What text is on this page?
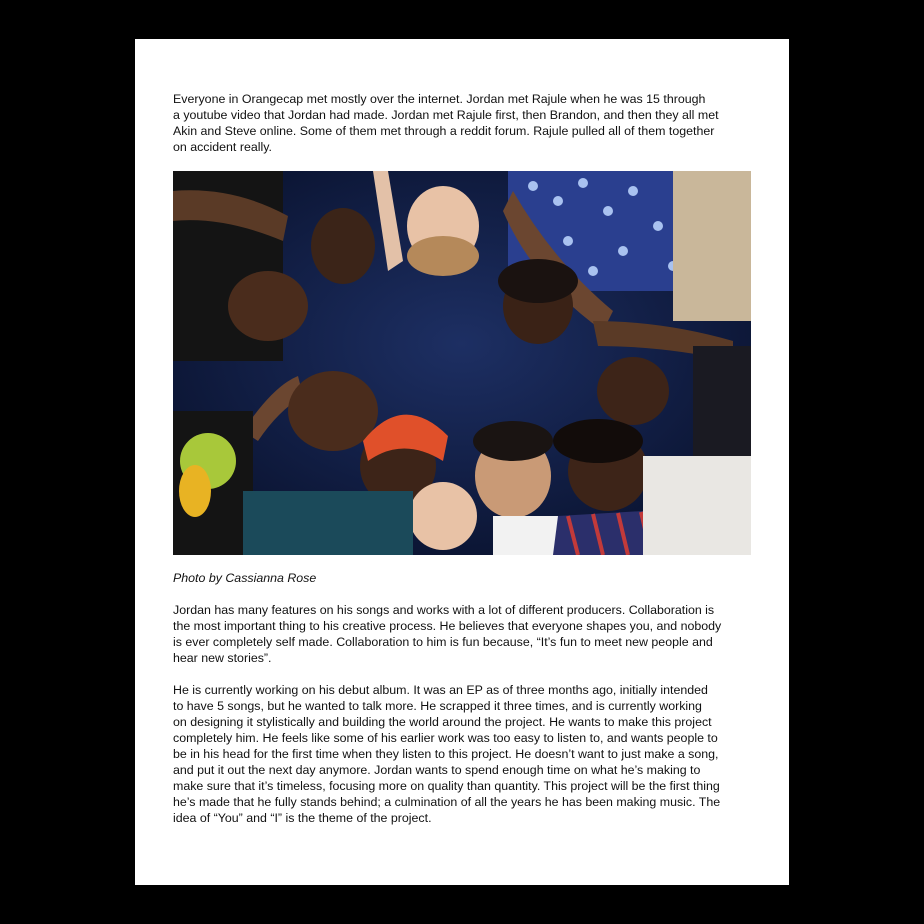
Everyone in Orangecap met mostly over the internet. Jordan met Rajule when he was 15 through
a youtube video that Jordan had made. Jordan met Rajule first, then Brandon, and then they all met
Akin and Steve online. Some of them met through a reddit forum. Rajule pulled all of them together
on accident really.

Photo by Cassianna Rose

Jordan has many features on his songs and works with a lot of different producers. Collaboration is
the most important thing to his creative process. He believes that everyone shapes you, and nobody
is ever completely self made. Collaboration to him is fun because, “It’s fun to meet new people and
hear new stories”.

He is currently working on his debut album. It was an EP as of three months ago, initially intended
to have 5 songs, but he wanted to talk more. He scrapped it three times, and is currently working
on designing it stylistically and building the world around the project. He wants to make this project
completely him. He feels like some of his earlier work was too easy to listen to, and wants people to
be in his head for the first time when they listen to this project. He doesn’t want to just make a song,
and put it out the next day anymore. Jordan wants to spend enough time on what he’s making to
make sure that it’s timeless, focusing more on quality than quantity. This project will be the first thing
he’s made that he fully stands behind; a culmination of all the years he has been making music. The
idea of “You” and “I” is the theme of the project.
